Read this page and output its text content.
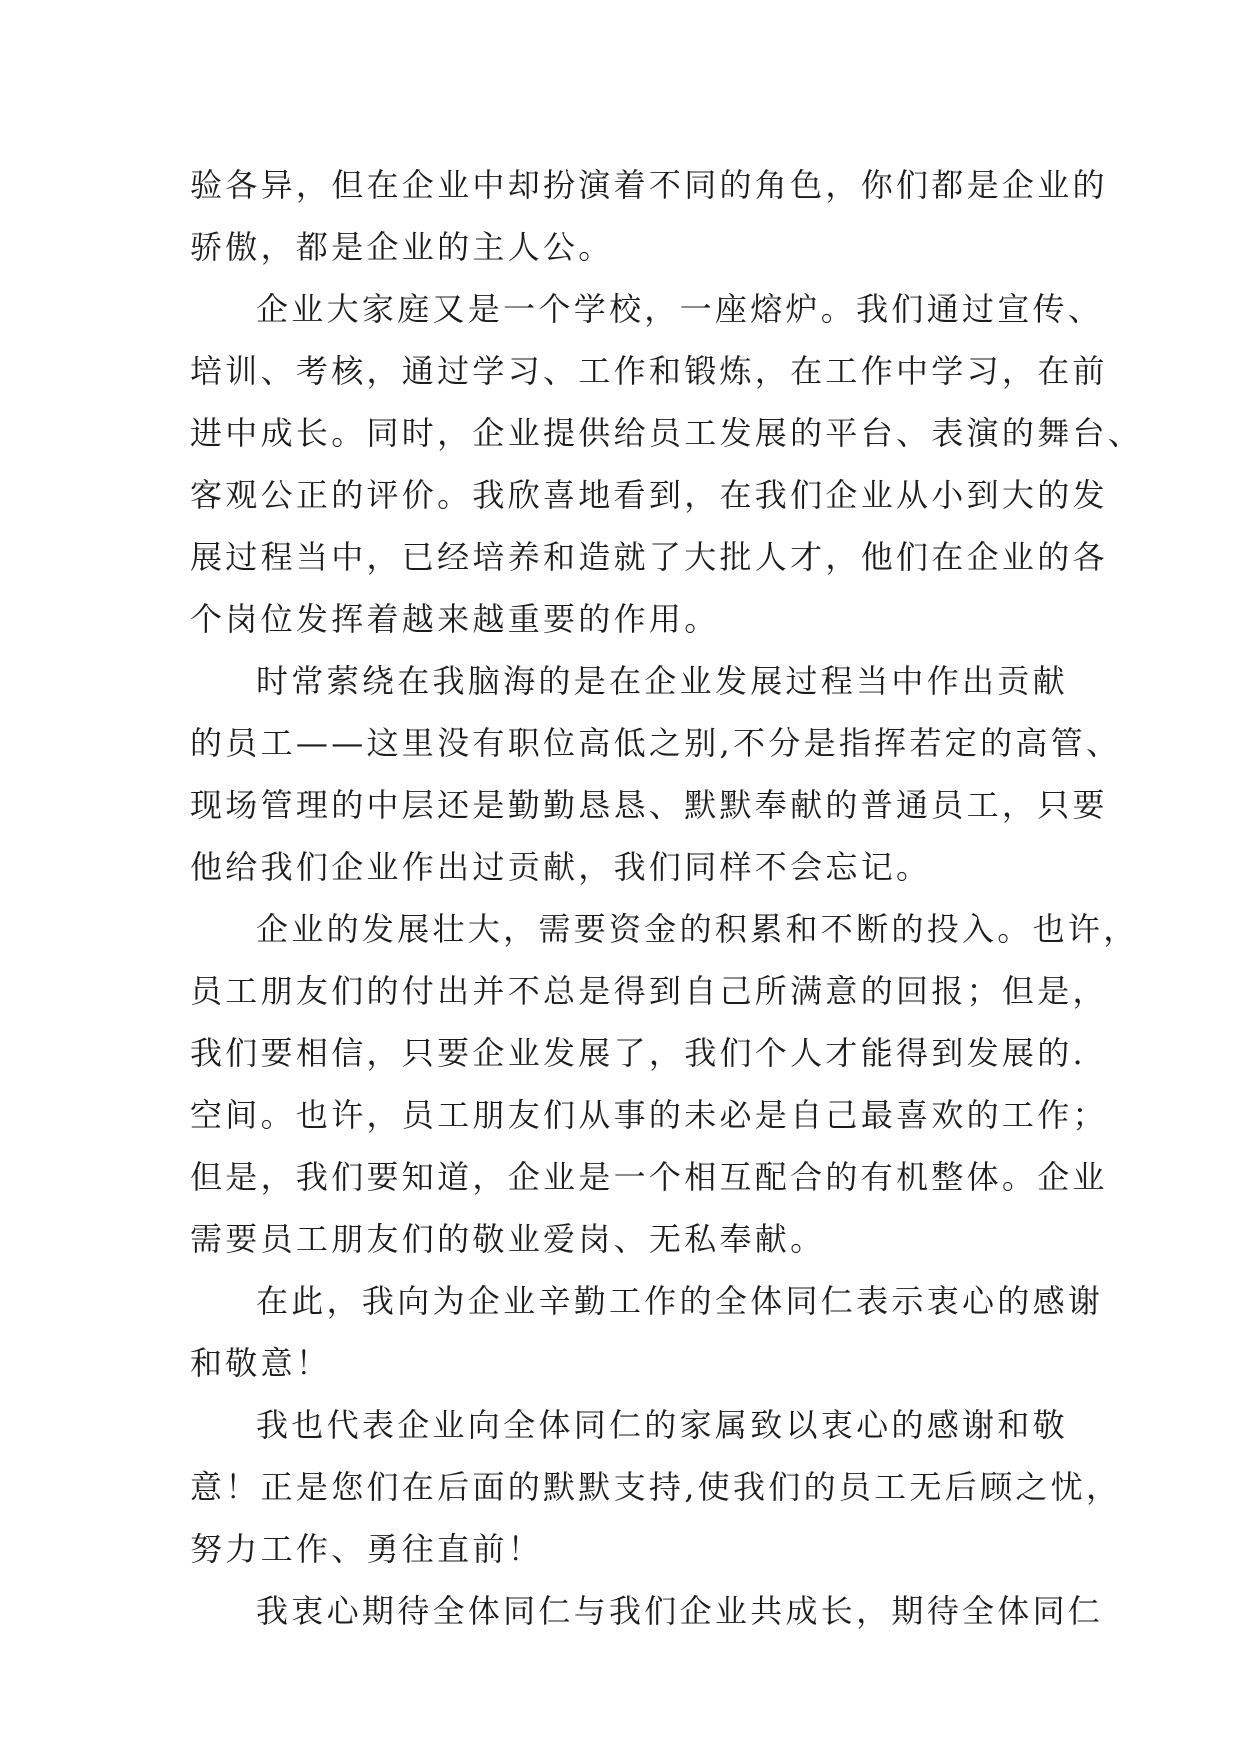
验各异，但在企业中却扮演着不同的角色，你们都是企业的
骄傲，都是企业的主人公。
企业大家庭又是一个学校，一座熔炉。我们通过宣传、
培训、考核，通过学习、工作和锻炼，在工作中学习，在前
进中成长。同时，企业提供给员工发展的平台、表演的舞台、
客观公正的评价。我欣喜地看到，在我们企业从小到大的发
展过程当中，已经培养和造就了大批人才，他们在企业的各
个岗位发挥着越来越重要的作用。
时常萦绕在我脑海的是在企业发展过程当中作出贡献
的员工——这里没有职位高低之别,不分是指挥若定的高管、
现场管理的中层还是勤勤恳恳、默默奉献的普通员工，只要
他给我们企业作出过贡献，我们同样不会忘记。
企业的发展壮大，需要资金的积累和不断的投入。也许，
员工朋友们的付出并不总是得到自己所满意的回报；但是，
我们要相信，只要企业发展了，我们个人才能得到发展的.
空间。也许，员工朋友们从事的未必是自己最喜欢的工作；
但是，我们要知道，企业是一个相互配合的有机整体。企业
需要员工朋友们的敬业爱岗、无私奉献。
在此，我向为企业辛勤工作的全体同仁表示衷心的感谢
和敬意！
我也代表企业向全体同仁的家属致以衷心的感谢和敬
意！正是您们在后面的默默支持,使我们的员工无后顾之忧，
努力工作、勇往直前！
我衷心期待全体同仁与我们企业共成长，期待全体同仁
